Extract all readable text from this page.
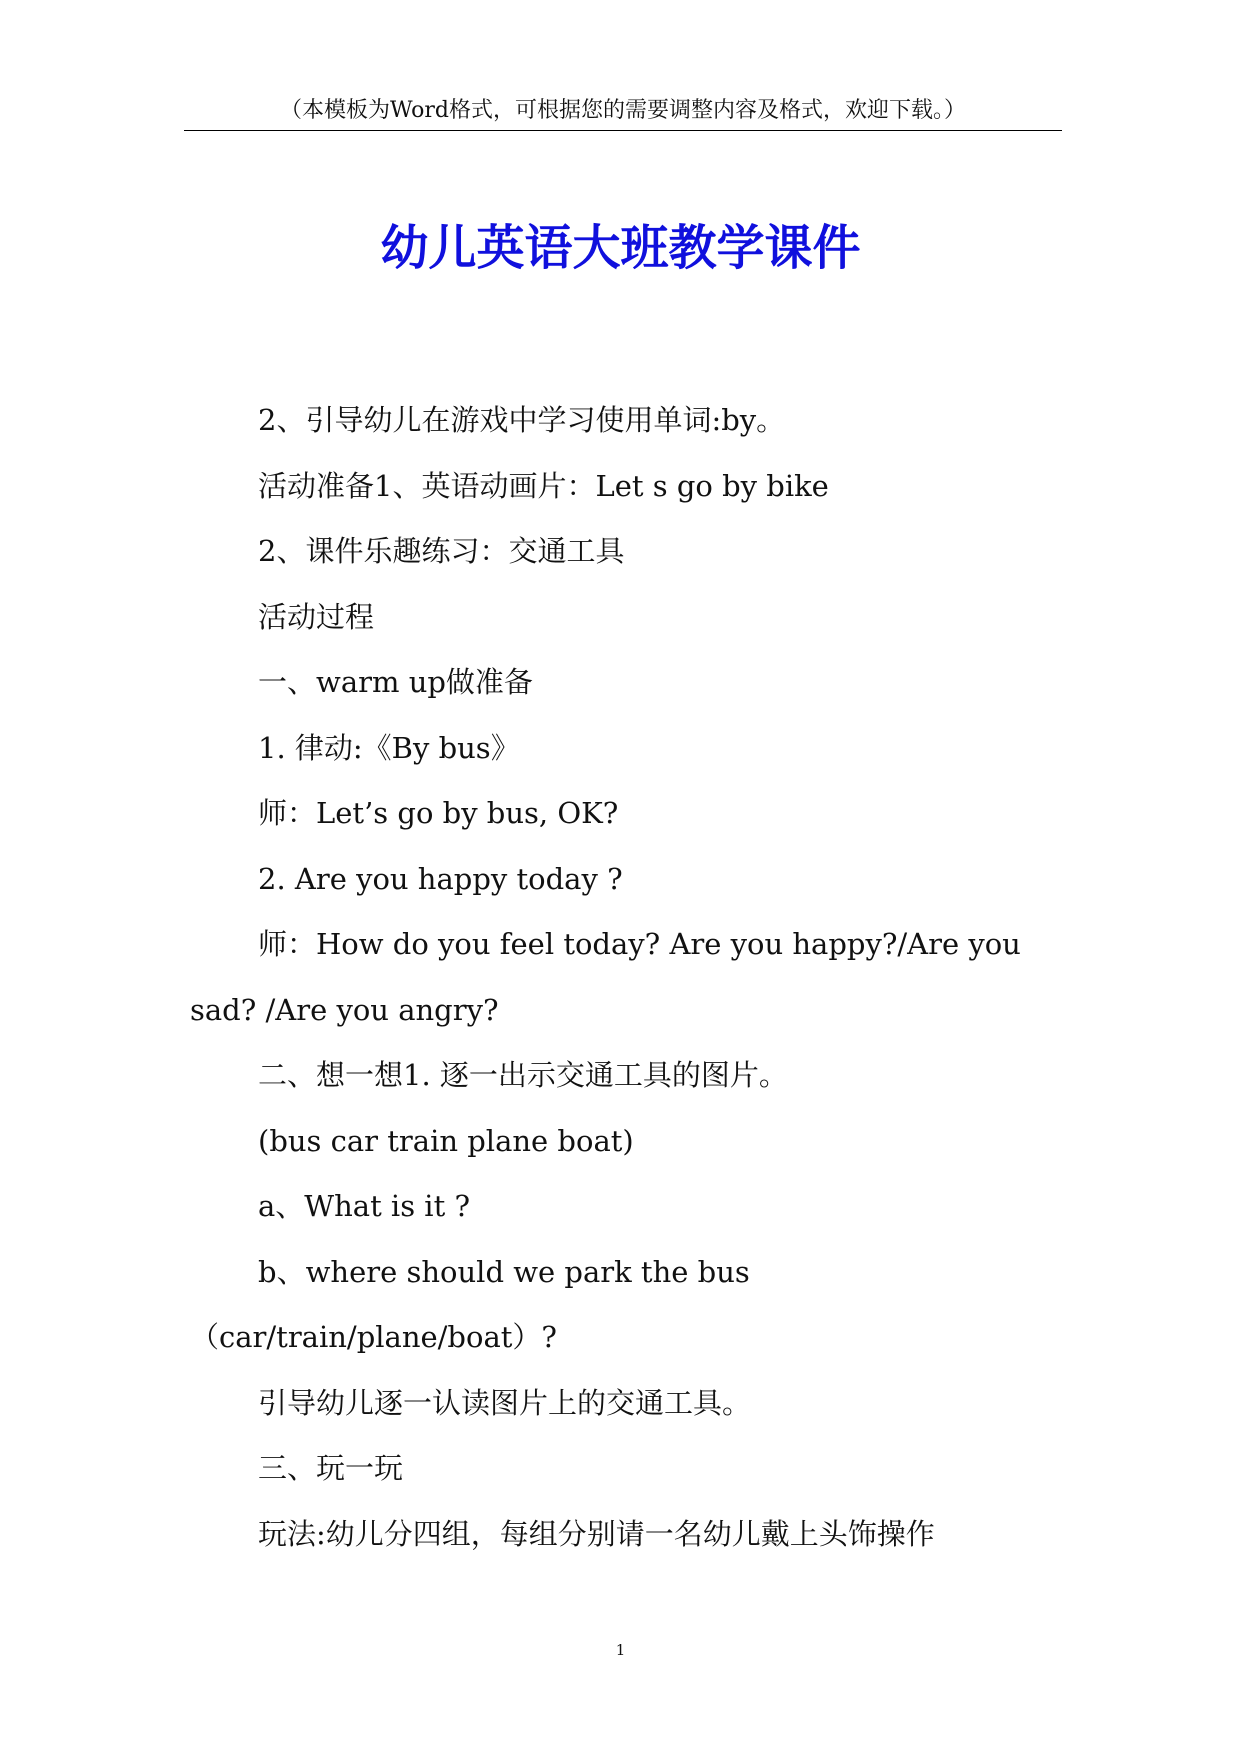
（本模板为Word格式，可根据您的需要调整内容及格式，欢迎下载。）
幼儿英语大班教学课件

2、引导幼儿在游戏中学习使用单词:by。

活动准备1、英语动画片：Let s go by bike

2、课件乐趣练习：交通工具

活动过程

一、warm up做准备

1. 律动:《By bus》

师：Let’s go by bus, OK?

2. Are you happy today ?

师：How do you feel today? Are you happy?/Are you sad? /Are you angry?

二、想一想1. 逐一出示交通工具的图片。

(bus car train plane boat)

a、What is it ?

b、where should we park the bus （car/train/plane/boat）?

引导幼儿逐一认读图片上的交通工具。

三、玩一玩

玩法:幼儿分四组，每组分别请一名幼儿戴上头饰操作

1
